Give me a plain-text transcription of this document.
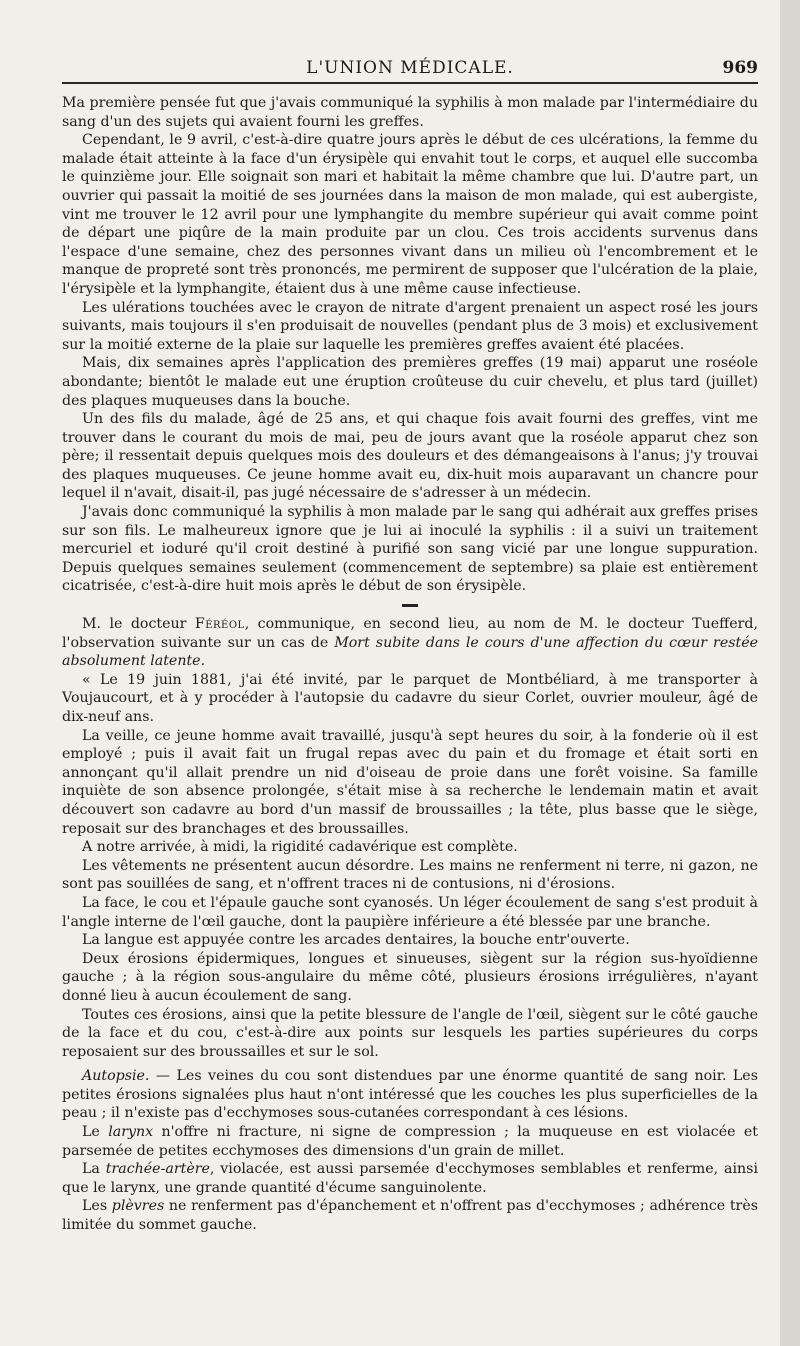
L'UNION MÉDICALE.	969

Ma première pensée fut que j'avais communiqué la syphilis à mon malade par l'intermédiaire du sang d'un des sujets qui avaient fourni les greffes.

Cependant, le 9 avril, c'est-à-dire quatre jours après le début de ces ulcérations, la femme du malade était atteinte à la face d'un érysipèle qui envahit tout le corps, et auquel elle succomba le quinzième jour. Elle soignait son mari et habitait la même chambre que lui. D'autre part, un ouvrier qui passait la moitié de ses journées dans la maison de mon malade, qui est aubergiste, vint me trouver le 12 avril pour une lymphangite du membre supérieur qui avait comme point de départ une piqûre de la main produite par un clou. Ces trois accidents survenus dans l'espace d'une semaine, chez des personnes vivant dans un milieu où l'encombrement et le manque de propreté sont très prononcés, me permirent de supposer que l'ulcération de la plaie, l'érysipèle et la lymphangite, étaient dus à une même cause infectieuse.

Les ulérations touchées avec le crayon de nitrate d'argent prenaient un aspect rosé les jours suivants, mais toujours il s'en produisait de nouvelles (pendant plus de 3 mois) et exclusivement sur la moitié externe de la plaie sur laquelle les premières greffes avaient été placées.

Mais, dix semaines après l'application des premières greffes (19 mai) apparut une roséole abondante; bientôt le malade eut une éruption croûteuse du cuir chevelu, et plus tard (juillet) des plaques muqueuses dans la bouche.

Un des fils du malade, âgé de 25 ans, et qui chaque fois avait fourni des greffes, vint me trouver dans le courant du mois de mai, peu de jours avant que la roséole apparut chez son père; il ressentait depuis quelques mois des douleurs et des démangeaisons à l'anus; j'y trouvai des plaques muqueuses. Ce jeune homme avait eu, dix-huit mois auparavant un chancre pour lequel il n'avait, disait-il, pas jugé nécessaire de s'adresser à un médecin.

J'avais donc communiqué la syphilis à mon malade par le sang qui adhérait aux greffes prises sur son fils. Le malheureux ignore que je lui ai inoculé la syphilis : il a suivi un traitement mercuriel et ioduré qu'il croit destiné à purifié son sang vicié par une longue suppuration. Depuis quelques semaines seulement (commencement de septembre) sa plaie est entièrement cicatrisée, c'est-à-dire huit mois après le début de son érysipèle.

M. le docteur Féréol, communique, en second lieu, au nom de M. le docteur Tuefferd, l'observation suivante sur un cas de Mort subite dans le cours d'une affection du cœur restée absolument latente.

« Le 19 juin 1881, j'ai été invité, par le parquet de Montbéliard, à me transporter à Voujaucourt, et à y procéder à l'autopsie du cadavre du sieur Corlet, ouvrier mouleur, âgé de dix-neuf ans.

La veille, ce jeune homme avait travaillé, jusqu'à sept heures du soir, à la fonderie où il est employé ; puis il avait fait un frugal repas avec du pain et du fromage et était sorti en annonçant qu'il allait prendre un nid d'oiseau de proie dans une forêt voisine. Sa famille inquiète de son absence prolongée, s'était mise à sa recherche le lendemain matin et avait découvert son cadavre au bord d'un massif de broussailles ; la tête, plus basse que le siège, reposait sur des branchages et des broussailles.

A notre arrivée, à midi, la rigidité cadavérique est complète.

Les vêtements ne présentent aucun désordre. Les mains ne renferment ni terre, ni gazon, ne sont pas souillées de sang, et n'offrent traces ni de contusions, ni d'érosions.

La face, le cou et l'épaule gauche sont cyanosés. Un léger écoulement de sang s'est produit à l'angle interne de l'œil gauche, dont la paupière inférieure a été blessée par une branche.

La langue est appuyée contre les arcades dentaires, la bouche entr'ouverte.

Deux érosions épidermiques, longues et sinueuses, siègent sur la région sus-hyoïdienne gauche ; à la région sous-angulaire du même côté, plusieurs érosions irrégulières, n'ayant donné lieu à aucun écoulement de sang.

Toutes ces érosions, ainsi que la petite blessure de l'angle de l'œil, siègent sur le côté gauche de la face et du cou, c'est-à-dire aux points sur lesquels les parties supérieures du corps reposaient sur des broussailles et sur le sol.

Autopsie. — Les veines du cou sont distendues par une énorme quantité de sang noir. Les petites érosions signalées plus haut n'ont intéressé que les couches les plus superficielles de la peau ; il n'existe pas d'ecchymoses sous-cutanées correspondant à ces lésions.

Le larynx n'offre ni fracture, ni signe de compression ; la muqueuse en est violacée et parsemée de petites ecchymoses des dimensions d'un grain de millet.

La trachée-artère, violacée, est aussi parsemée d'ecchymoses semblables et renferme, ainsi que le larynx, une grande quantité d'écume sanguinolente.

Les plèvres ne renferment pas d'épanchement et n'offrent pas d'ecchymoses ; adhérence très limitée du sommet gauche.
